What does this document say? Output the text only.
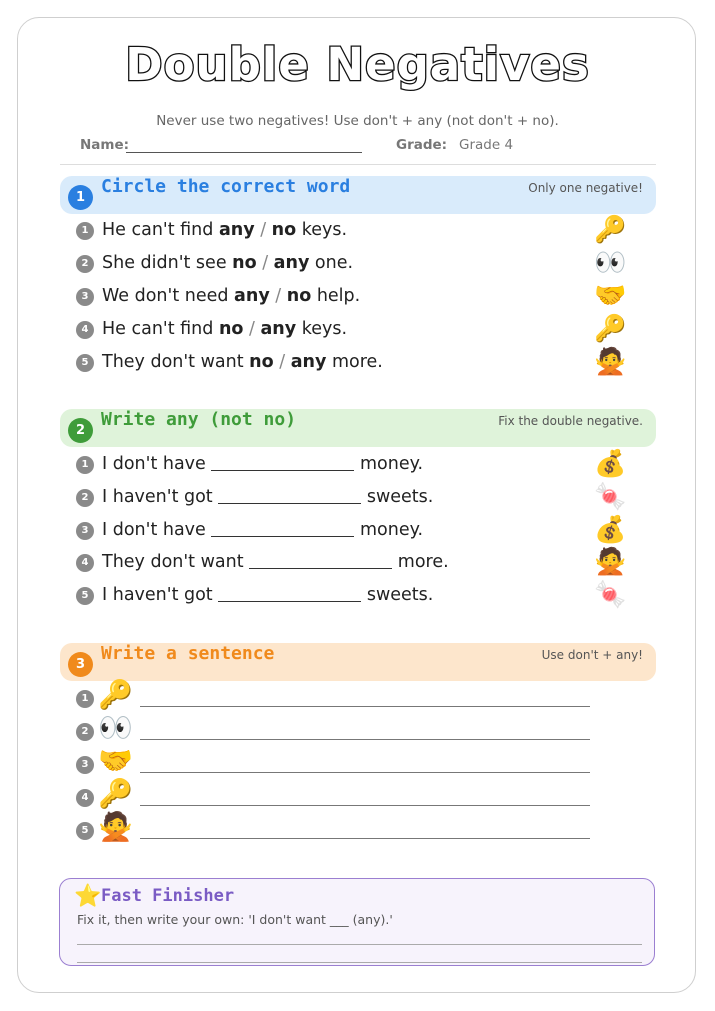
Double Negatives
Never use two negatives! Use don't + any (not don't + no).
Name:	Grade: Grade 4
1
Circle the correct word	Only one negative!
1 He can't find any / no keys.	🔑
2 She didn't see no / any one.	👀
3 We don't need any / no help.	🤝
4 He can't find no / any keys.	🔑
5 They don't want no / any more.	🙅
2
Write any (not no)	Fix the double negative.
1 I don't have	money.	💰
2 I haven't got	sweets.	🍬
3 I don't have	money.	💰
4 They don't want	more.	🙅
5 I haven't got	sweets.	🍬
3
Write a sentence	Use don't + any!
1 🔑
2 👀
3 🤝
4 🔑
5 🙅
⭐ Fast Finisher
Fix it, then write your own: 'I don't want ___ (any).'
